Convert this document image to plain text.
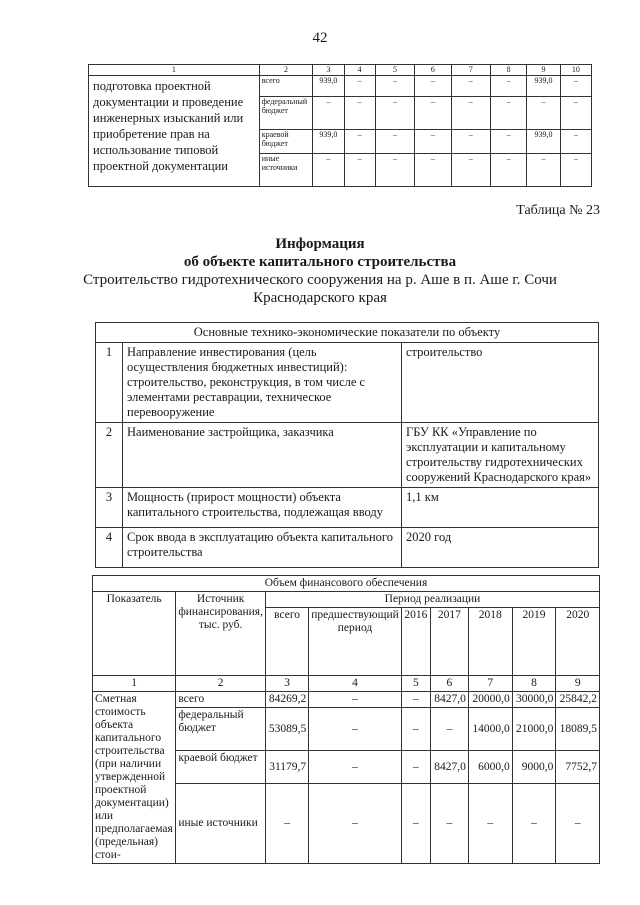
42
1	2	3	4	5	6	7	8	9	10
подготовка проектной документации и проведение инженерных изысканий или приобретение прав на использование типовой проектной документации	всего	939,0	–	–	–	–	–	939,0	–
	федеральный бюджет	–	–	–	–	–	–	–	–
	краевой бюджет	939,0	–	–	–	–	–	939,0	–
	иные источники	–	–	–	–	–	–	–	–
Таблица № 23
Информация
об объекте капитального строительства
Строительство гидротехнического сооружения на р. Аше в п. Аше г. Сочи
Краснодарского края
Основные технико-экономические показатели по объекту		
1	Направление инвестирования (цель осуществления бюджетных инвестиций): строительство, реконструкция, в том числе с элементами реставрации, техническое перевооружение	строительство
2	Наименование застройщика, заказчика	ГБУ КК «Управление по эксплуатации и капитальному строительству гидротехнических сооружений Краснодарского края»
3	Мощность (прирост мощности) объекта капитального строительства, подлежащая вводу	1,1 км
4	Срок ввода в эксплуатацию объекта капитального строительства	2020 год
Объем финансового обеспечения								
Показатель	Источник финансирования, тыс. руб.	Период реализации						
		всего	предшествующий период	2016	2017	2018	2019	2020
1	2	3	4	5	6	7	8	9
Сметная стоимость объекта капитального строительства (при наличии утвержденной проектной документации) или предполагаемая (предельная) стои-	всего	84269,2	–	–	8427,0	20000,0	30000,0	25842,2
	федеральный бюджет	53089,5	–	–	–	14000,0	21000,0	18089,5
	краевой бюджет	31179,7	–	–	8427,0	6000,0	9000,0	7752,7
	иные источники	–	–	–	–	–	–	–
